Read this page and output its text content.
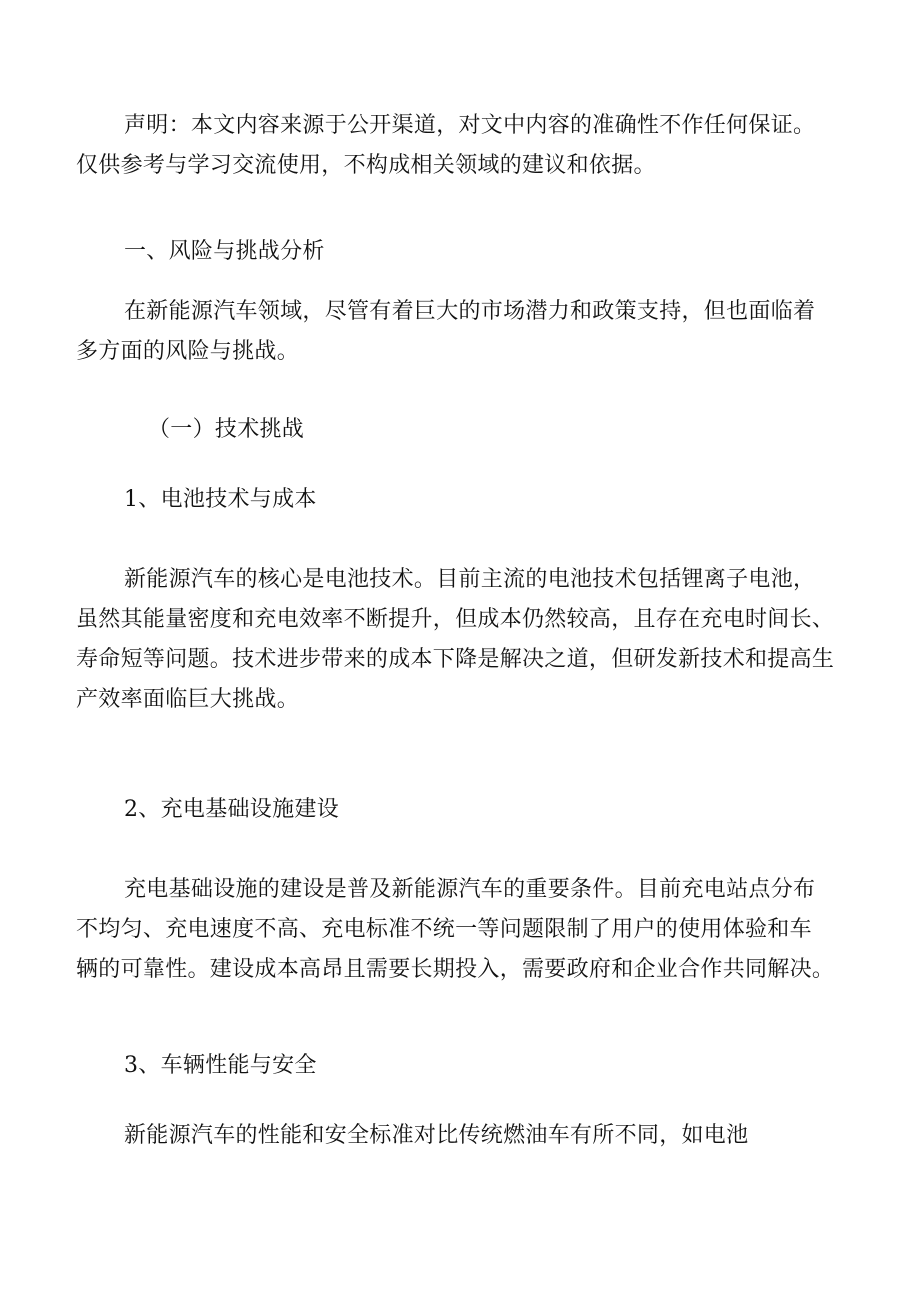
声明：本文内容来源于公开渠道，对文中内容的准确性不作任何保证。
仅供参考与学习交流使用，不构成相关领域的建议和依据。
一、风险与挑战分析
在新能源汽车领域，尽管有着巨大的市场潜力和政策支持，但也面临着
多方面的风险与挑战。
（一）技术挑战
1、电池技术与成本
新能源汽车的核心是电池技术。目前主流的电池技术包括锂离子电池，
虽然其能量密度和充电效率不断提升，但成本仍然较高，且存在充电时间长、
寿命短等问题。技术进步带来的成本下降是解决之道，但研发新技术和提高生
产效率面临巨大挑战。
2、充电基础设施建设
充电基础设施的建设是普及新能源汽车的重要条件。目前充电站点分布
不均匀、充电速度不高、充电标准不统一等问题限制了用户的使用体验和车
辆的可靠性。建设成本高昂且需要长期投入，需要政府和企业合作共同解决。
3、车辆性能与安全
新能源汽车的性能和安全标准对比传统燃油车有所不同，如电池
